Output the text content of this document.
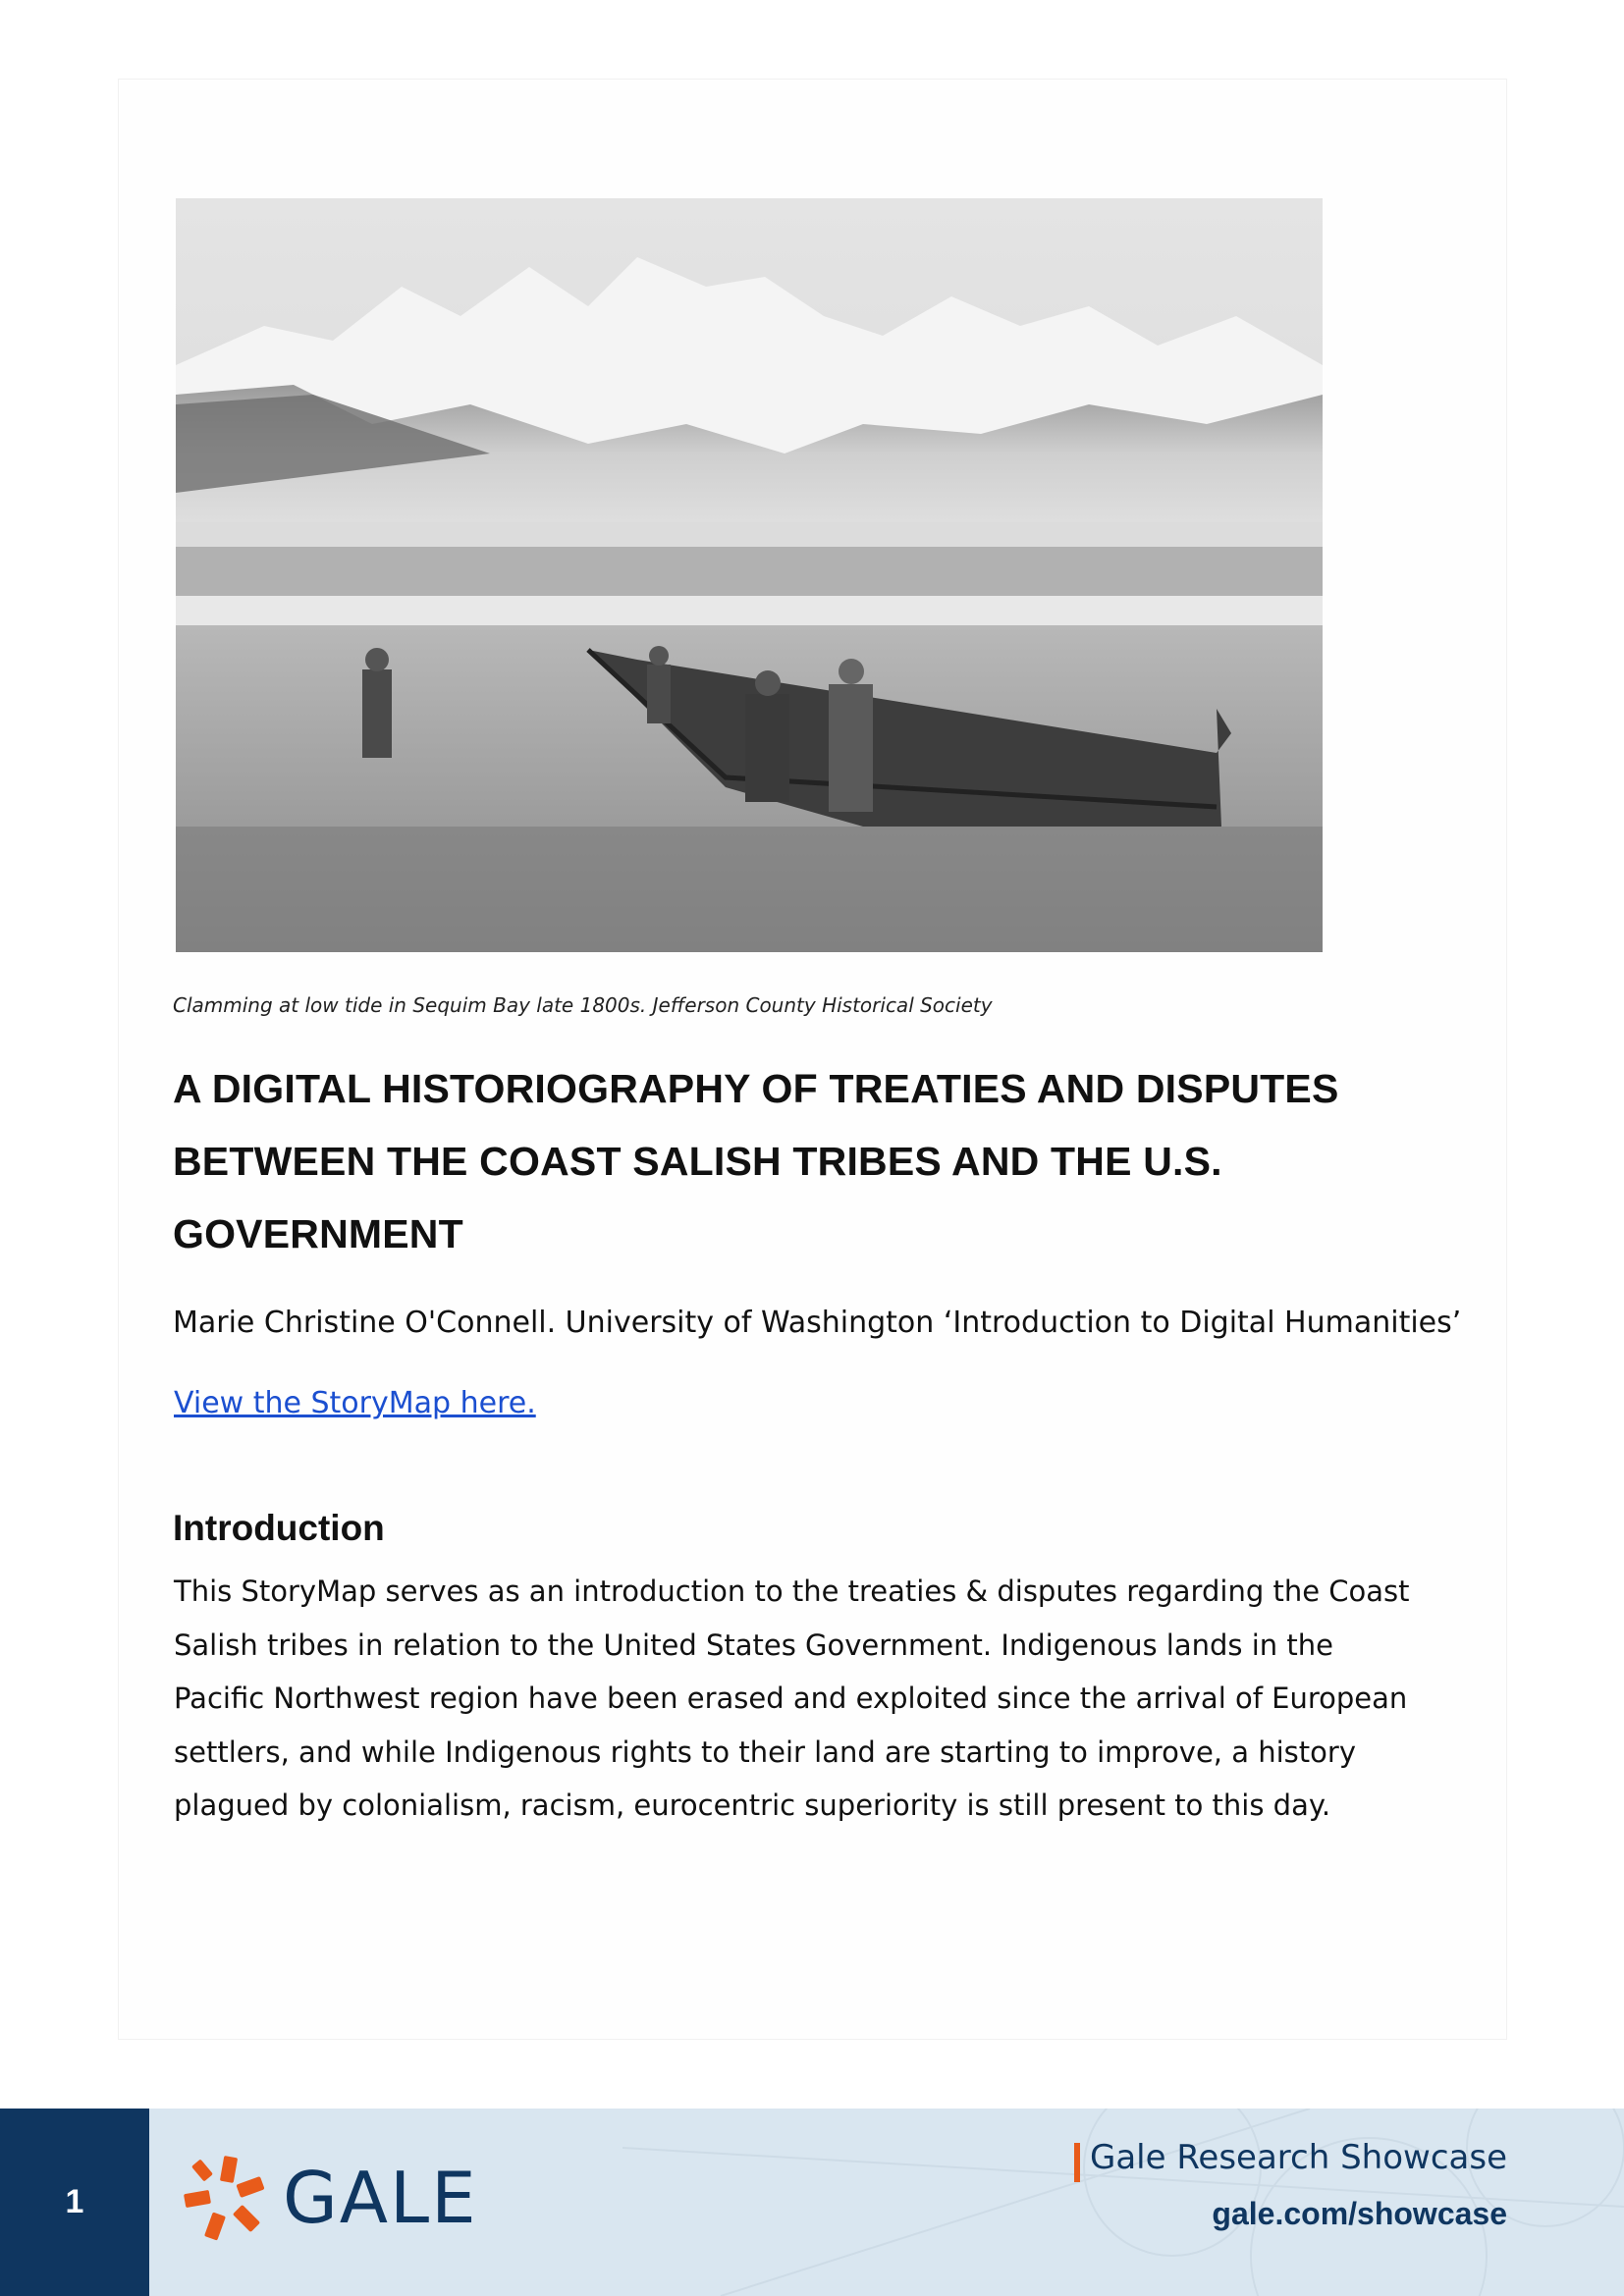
Clamming at low tide in Sequim Bay late 1800s. Jefferson County Historical Society
A DIGITAL HISTORIOGRAPHY OF TREATIES AND DISPUTES BETWEEN THE COAST SALISH TRIBES AND THE U.S. GOVERNMENT
Marie Christine O'Connell. University of Washington ‘Introduction to Digital Humanities’
View the StoryMap here.
Introduction

This StoryMap serves as an introduction to the treaties & disputes regarding the Coast Salish tribes in relation to the United States Government. Indigenous lands in the Pacific Northwest region have been erased and exploited since the arrival of European settlers, and while Indigenous rights to their land are starting to improve, a history plagued by colonialism, racism, eurocentric superiority is still present to this day.

1	GALE	Gale Research Showcase
gale.com/showcase
